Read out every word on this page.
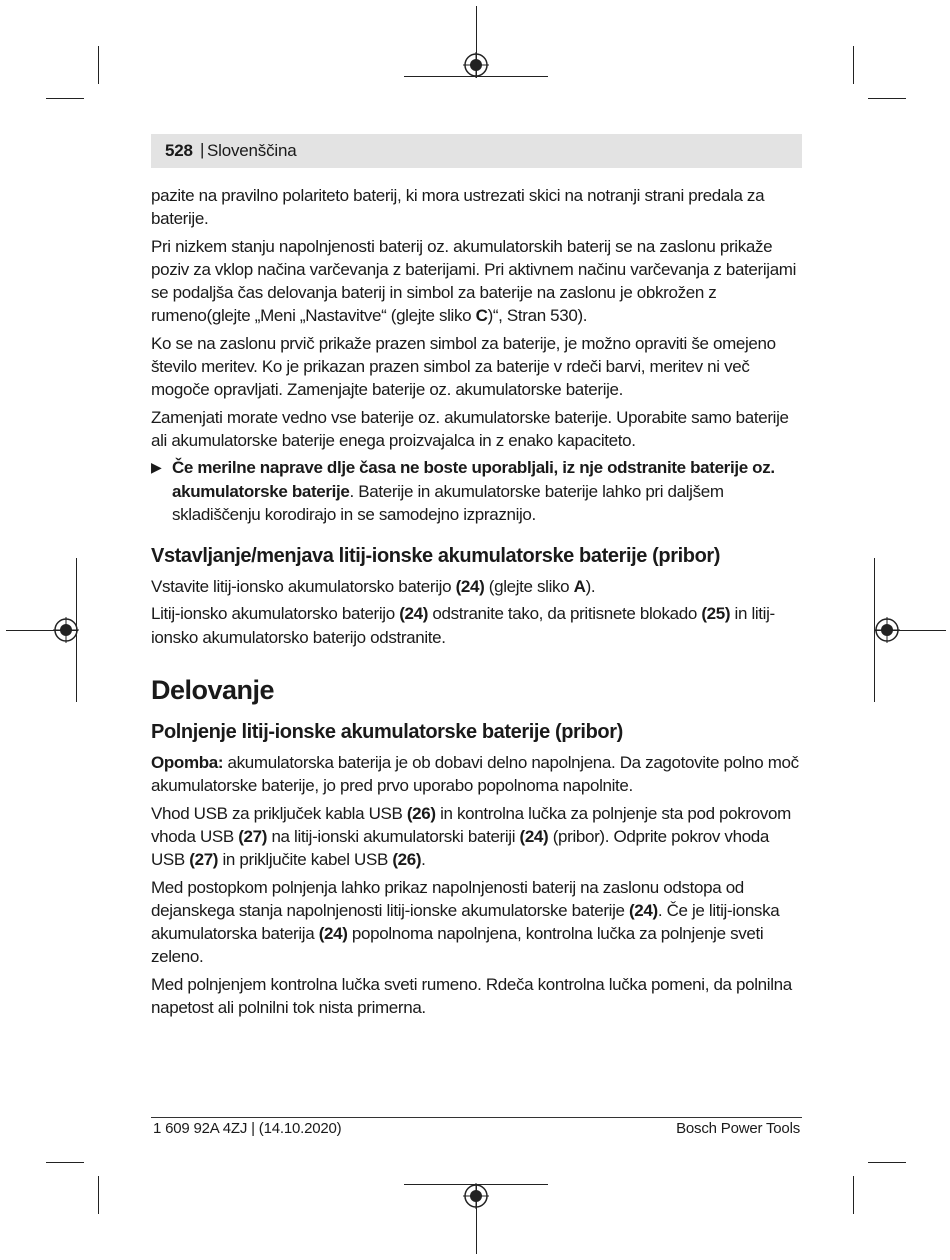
528 | Slovenščina

pazite na pravilno polariteto baterij, ki mora ustrezati skici na notranji strani predala za baterije.

Pri nizkem stanju napolnjenosti baterij oz. akumulatorskih baterij se na zaslonu prikaže poziv za vklop načina varčevanja z baterijami. Pri aktivnem načinu varčevanja z baterijami se podaljša čas delovanja baterij in simbol za baterije na zaslonu je obkrožen z rumeno(glejte „Meni „Nastavitve“ (glejte sliko C)“, Stran 530).

Ko se na zaslonu prvič prikaže prazen simbol za baterije, je možno opraviti še omejeno število meritev. Ko je prikazan prazen simbol za baterije v rdeči barvi, meritev ni več mogoče opravljati. Zamenjajte baterije oz. akumulatorske baterije.

Zamenjati morate vedno vse baterije oz. akumulatorske baterije. Uporabite samo baterije ali akumulatorske baterije enega proizvajalca in z enako kapaciteto.

▶ Če merilne naprave dlje časa ne boste uporabljali, iz nje odstranite baterije oz. akumulatorske baterije. Baterije in akumulatorske baterije lahko pri daljšem skladiščenju korodirajo in se samodejno izpraznijo.

Vstavljanje/menjava litij-ionske akumulatorske baterije (pribor)

Vstavite litij-ionsko akumulatorsko baterijo (24) (glejte sliko A).

Litij-ionsko akumulatorsko baterijo (24) odstranite tako, da pritisnete blokado (25) in litij-ionsko akumulatorsko baterijo odstranite.

Delovanje
Polnjenje litij-ionske akumulatorske baterije (pribor)

Opomba: akumulatorska baterija je ob dobavi delno napolnjena. Da zagotovite polno moč akumulatorske baterije, jo pred prvo uporabo popolnoma napolnite.

Vhod USB za priključek kabla USB (26) in kontrolna lučka za polnjenje sta pod pokrovom vhoda USB (27) na litij-ionski akumulatorski bateriji (24) (pribor). Odprite pokrov vhoda USB (27) in priključite kabel USB (26).

Med postopkom polnjenja lahko prikaz napolnjenosti baterij na zaslonu odstopa od dejanskega stanja napolnjenosti litij-ionske akumulatorske baterije (24). Če je litij-ionska akumulatorska baterija (24) popolnoma napolnjena, kontrolna lučka za polnjenje sveti zeleno.

Med polnjenjem kontrolna lučka sveti rumeno. Rdeča kontrolna lučka pomeni, da polnilna napetost ali polnilni tok nista primerna.

1 609 92A 4ZJ | (14.10.2020)	Bosch Power Tools
